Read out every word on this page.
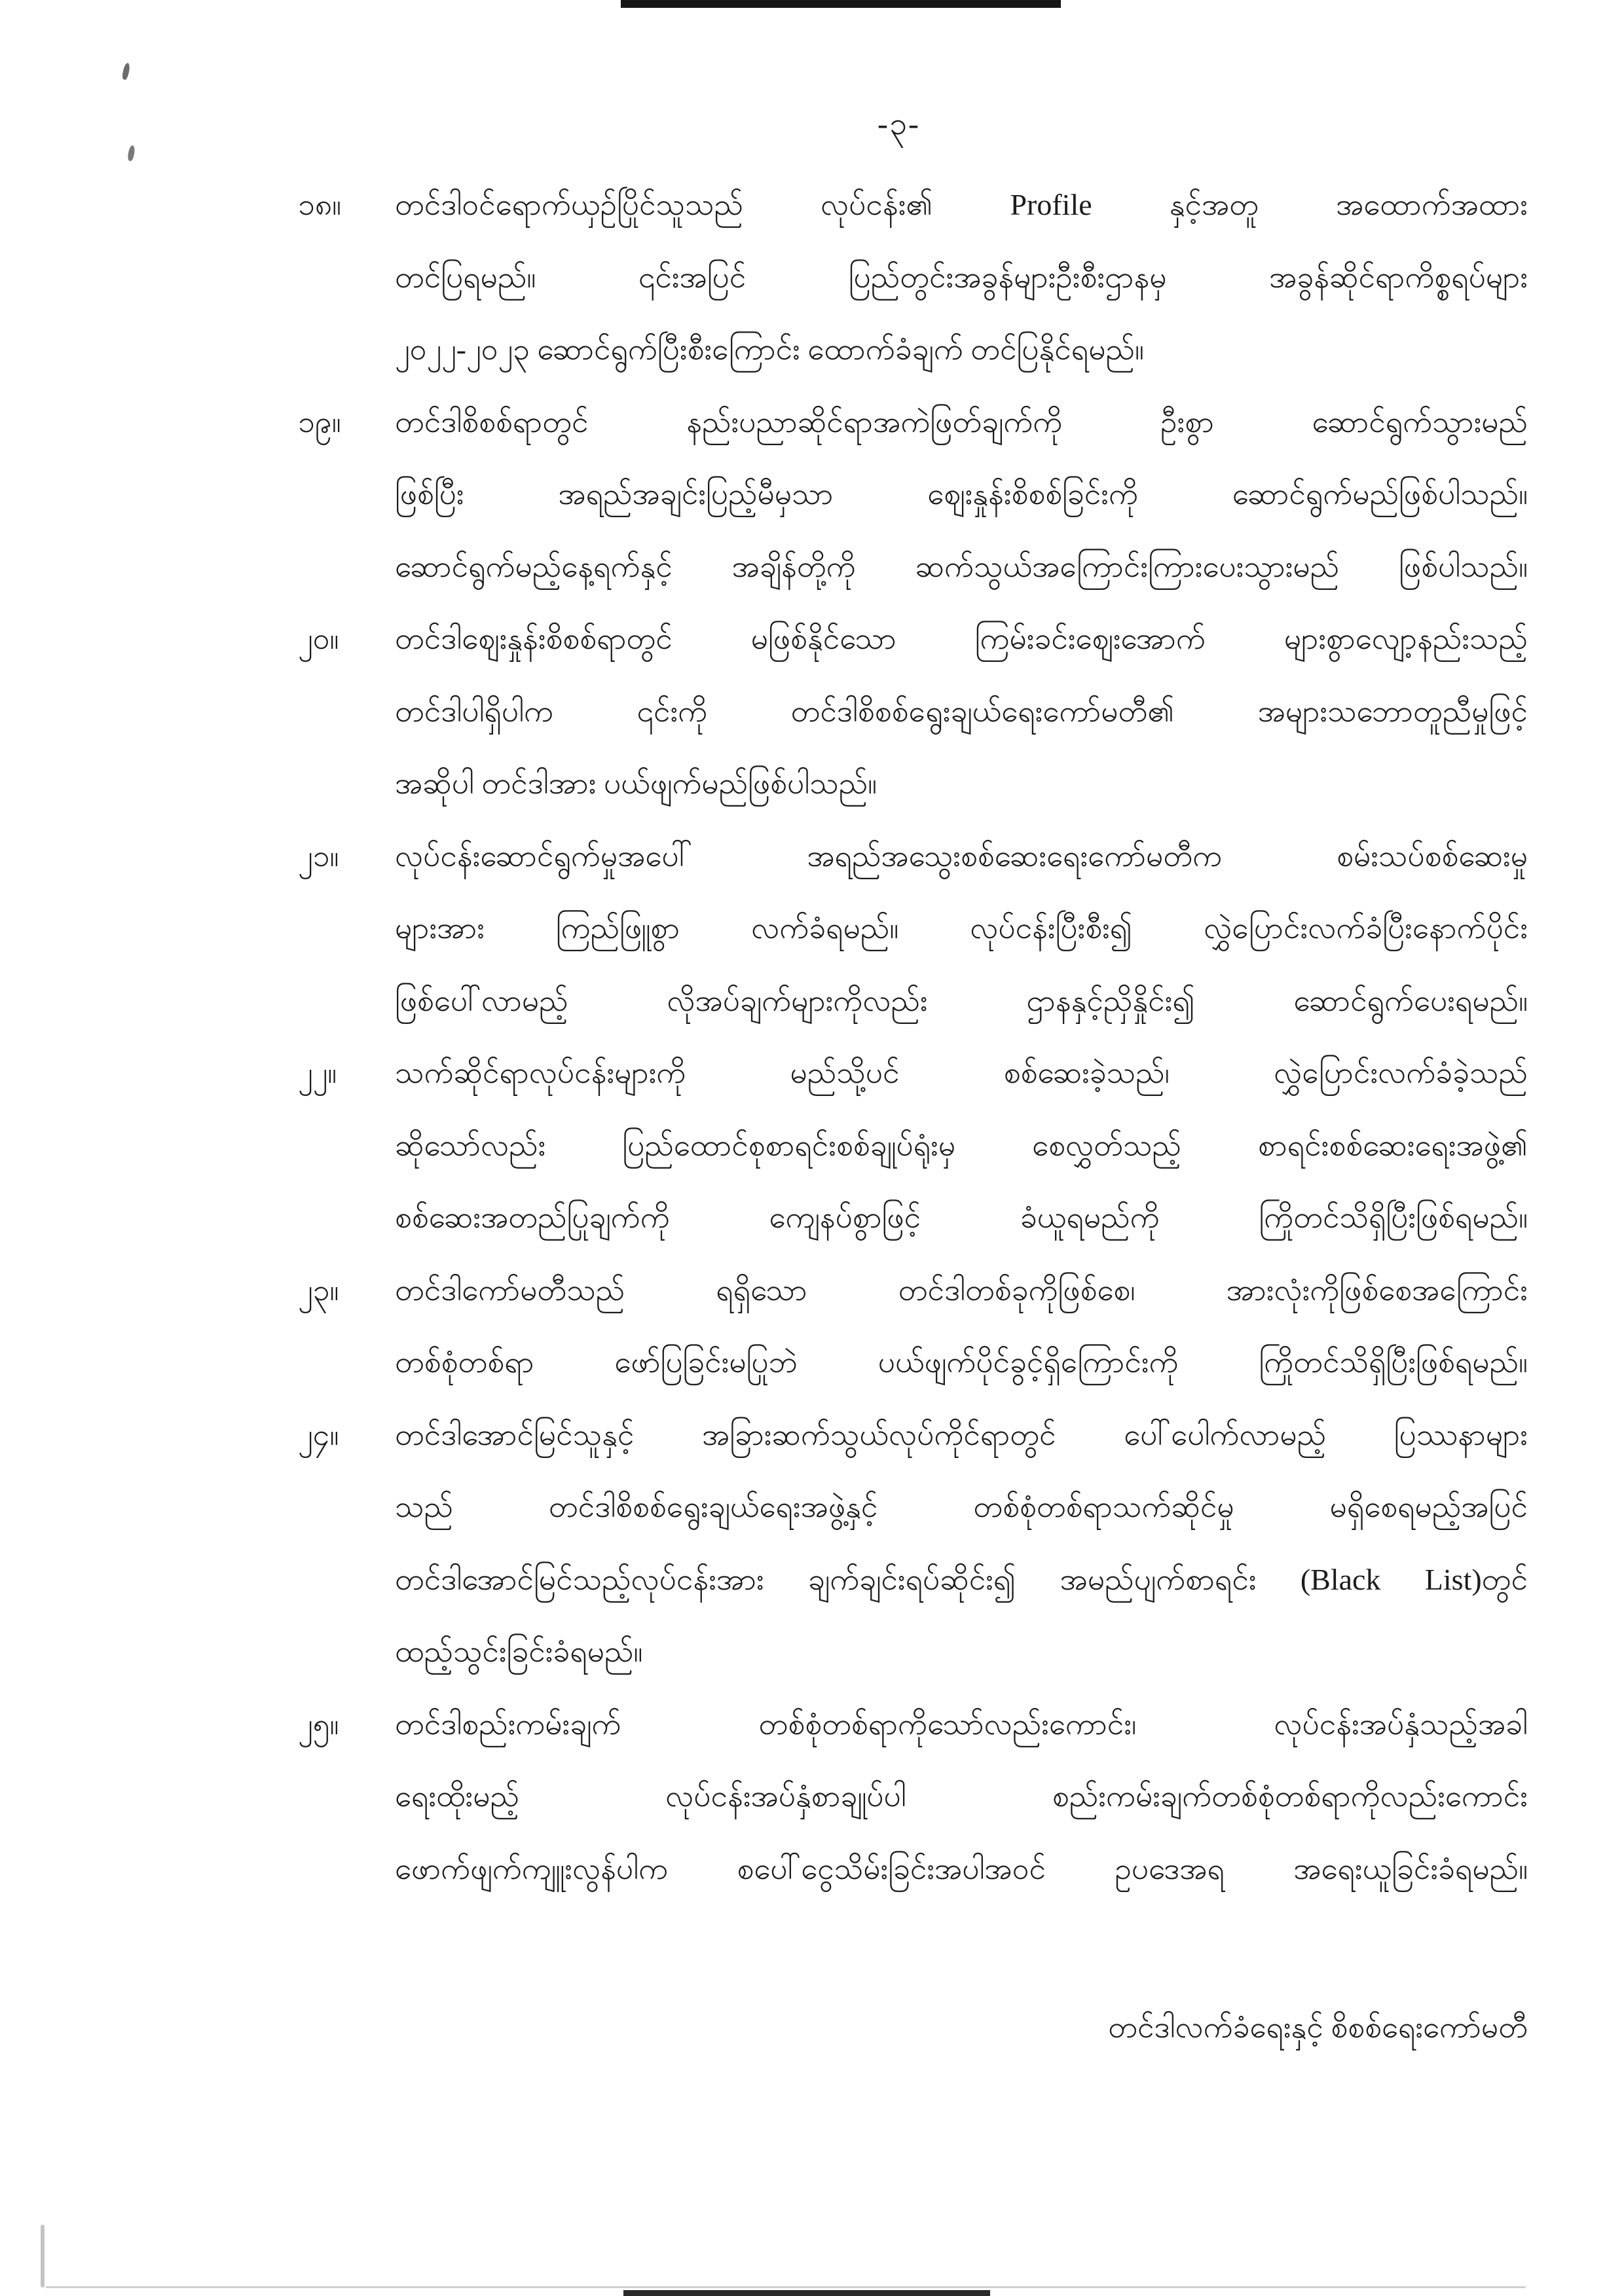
-၃-
၁၈။	တင်ဒါဝင်ရောက်ယှဉ်ပြိုင်သူသည် လုပ်ငန်း၏ Profile နှင့်အတူ အထောက်အထား
တင်ပြရမည်။ ၎င်းအပြင် ပြည်တွင်းအခွန်များဦးစီးဌာနမှ အခွန်ဆိုင်ရာကိစ္စရပ်များ
၂၀၂၂-၂၀၂၃ ဆောင်ရွက်ပြီးစီးကြောင်း ထောက်ခံချက် တင်ပြနိုင်ရမည်။
၁၉။	တင်ဒါစိစစ်ရာတွင် နည်းပညာဆိုင်ရာအကဲဖြတ်ချက်ကို ဦးစွာ ဆောင်ရွက်သွားမည်
ဖြစ်ပြီး အရည်အချင်းပြည့်မီမှသာ ဈေးနှုန်းစိစစ်ခြင်းကို ဆောင်ရွက်မည်ဖြစ်ပါသည်။
ဆောင်ရွက်မည့်နေ့ရက်နှင့် အချိန်တို့ကို ဆက်သွယ်အကြောင်းကြားပေးသွားမည် ဖြစ်ပါသည်။
၂၀။	တင်ဒါဈေးနှုန်းစိစစ်ရာတွင် မဖြစ်နိုင်သော ကြမ်းခင်းဈေးအောက် များစွာလျော့နည်းသည့်
တင်ဒါပါရှိပါက ၎င်းကို တင်ဒါစိစစ်ရွေးချယ်ရေးကော်မတီ၏ အများသဘောတူညီမှုဖြင့်
အဆိုပါ တင်ဒါအား ပယ်ဖျက်မည်ဖြစ်ပါသည်။
၂၁။	လုပ်ငန်းဆောင်ရွက်မှုအပေါ် အရည်အသွေးစစ်ဆေးရေးကော်မတီက စမ်းသပ်စစ်ဆေးမှု
များအား ကြည်ဖြူစွာ လက်ခံရမည်။ လုပ်ငန်းပြီးစီး၍ လွှဲပြောင်းလက်ခံပြီးနောက်ပိုင်း
ဖြစ်ပေါ်လာမည့် လိုအပ်ချက်များကိုလည်း ဌာနနှင့်ညှိနှိုင်း၍ ဆောင်ရွက်ပေးရမည်။
၂၂။	သက်ဆိုင်ရာလုပ်ငန်းများကို မည်သို့ပင် စစ်ဆေးခဲ့သည်၊ လွှဲပြောင်းလက်ခံခဲ့သည်
ဆိုသော်လည်း ပြည်ထောင်စုစာရင်းစစ်ချုပ်ရုံးမှ စေလွှတ်သည့် စာရင်းစစ်ဆေးရေးအဖွဲ့၏
စစ်ဆေးအတည်ပြုချက်ကို ကျေနပ်စွာဖြင့် ခံယူရမည်ကို ကြိုတင်သိရှိပြီးဖြစ်ရမည်။
၂၃။	တင်ဒါကော်မတီသည် ရရှိသော တင်ဒါတစ်ခုကိုဖြစ်စေ၊ အားလုံးကိုဖြစ်စေအကြောင်း
တစ်စုံတစ်ရာ ဖော်ပြခြင်းမပြုဘဲ ပယ်ဖျက်ပိုင်ခွင့်ရှိကြောင်းကို ကြိုတင်သိရှိပြီးဖြစ်ရမည်။
၂၄။	တင်ဒါအောင်မြင်သူနှင့် အခြားဆက်သွယ်လုပ်ကိုင်ရာတွင် ပေါ်ပေါက်လာမည့် ပြဿနာများ
သည် တင်ဒါစိစစ်ရွေးချယ်ရေးအဖွဲ့နှင့် တစ်စုံတစ်ရာသက်ဆိုင်မှု မရှိစေရမည့်အပြင်
တင်ဒါအောင်မြင်သည့်လုပ်ငန်းအား ချက်ချင်းရပ်ဆိုင်း၍ အမည်ပျက်စာရင်း (Black List)တွင်
ထည့်သွင်းခြင်းခံရမည်။
၂၅။	တင်ဒါစည်းကမ်းချက် တစ်စုံတစ်ရာကိုသော်လည်းကောင်း၊ လုပ်ငန်းအပ်နှံသည့်အခါ
ရေးထိုးမည့် လုပ်ငန်းအပ်နှံစာချုပ်ပါ စည်းကမ်းချက်တစ်စုံတစ်ရာကိုလည်းကောင်း
ဖောက်ဖျက်ကျူးလွန်ပါက စပေါ်ငွေသိမ်းခြင်းအပါအဝင် ဥပဒေအရ အရေးယူခြင်းခံရမည်။
တင်ဒါလက်ခံရေးနှင့် စိစစ်ရေးကော်မတီ
